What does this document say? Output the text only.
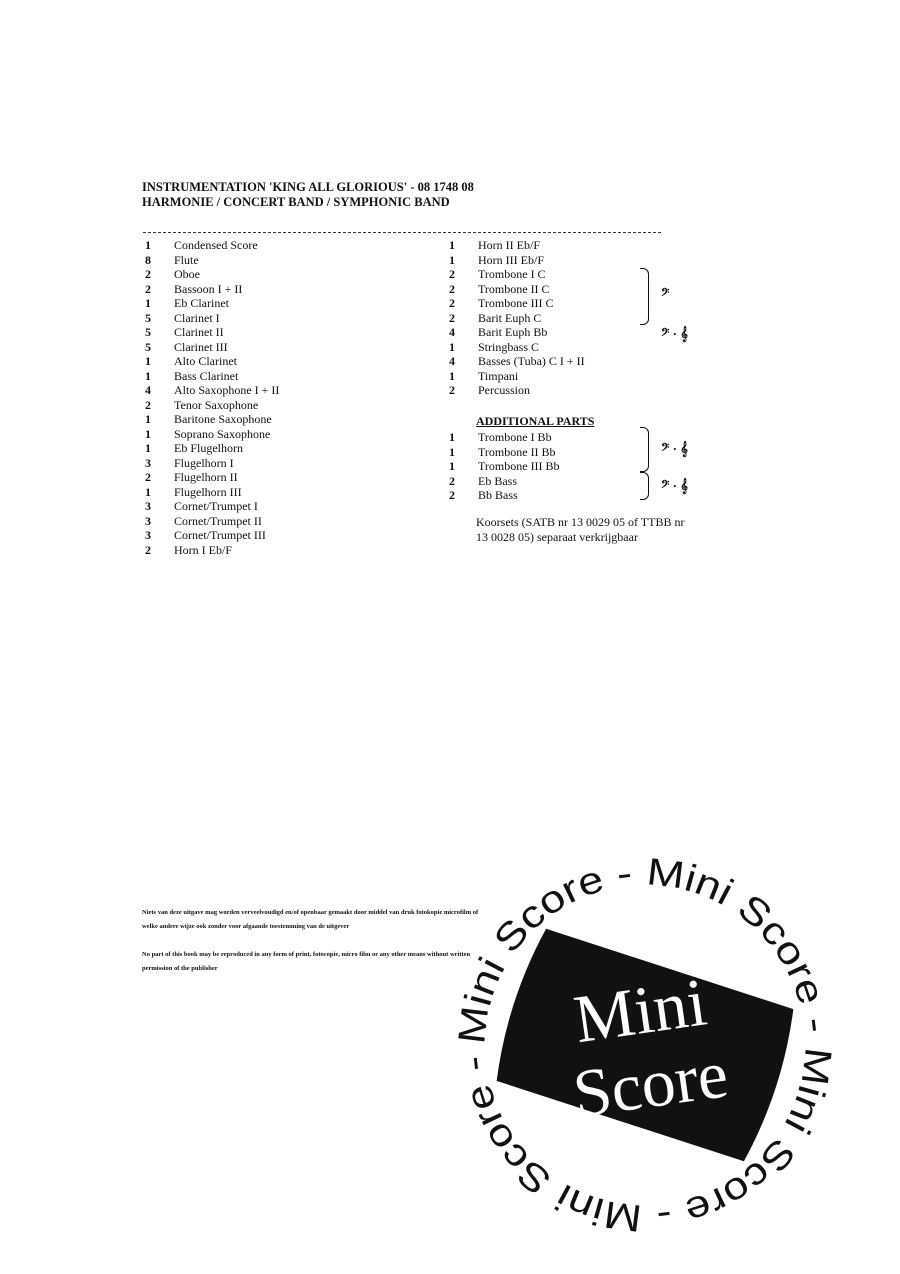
INSTRUMENTATION 'KING ALL GLORIOUS' - 08 1748 08
HARMONIE / CONCERT BAND / SYMPHONIC BAND
1	Condensed Score
8	Flute
2	Oboe
2	Bassoon I + II
1	Eb Clarinet
5	Clarinet I
5	Clarinet II
5	Clarinet III
1	Alto Clarinet
1	Bass Clarinet
4	Alto Saxophone I + II
2	Tenor Saxophone
1	Baritone Saxophone
1	Soprano Saxophone
1	Eb Flugelhorn
3	Flugelhorn I
2	Flugelhorn II
1	Flugelhorn III
3	Cornet/Trumpet I
3	Cornet/Trumpet II
3	Cornet/Trumpet III
2	Horn I Eb/F
1	Horn II Eb/F
1	Horn III Eb/F
2	Trombone I C
2	Trombone II C
2	Trombone III C
2	Barit Euph C
4	Barit Euph Bb
1	Stringbass C
4	Basses (Tuba) C I + II
1	Timpani
2	Percussion
ADDITIONAL PARTS
1	Trombone I Bb
1	Trombone II Bb
1	Trombone III Bb
2	Eb Bass
2	Bb Bass
Koorsets (SATB nr 13 0029 05 of TTBB nr 13 0028 05) separaat verkrijgbaar
𝄢
𝄢 · 𝄞
𝄢 · 𝄞
𝄢 · 𝄞

Niets van deze uitgave mag worden verveelvoudigd en/of openbaar gemaakt door middel van druk fotokopie microfilm of welke andere wijze ook zonder voor afgaande toestemming van de uitgever

No part of this book may be reproduced in any form of print, fotocopie, micro film or any other means without written permission of the publisher

Mini Score - Mini Score - Mini Score - Mini Score -
Mini
Score
